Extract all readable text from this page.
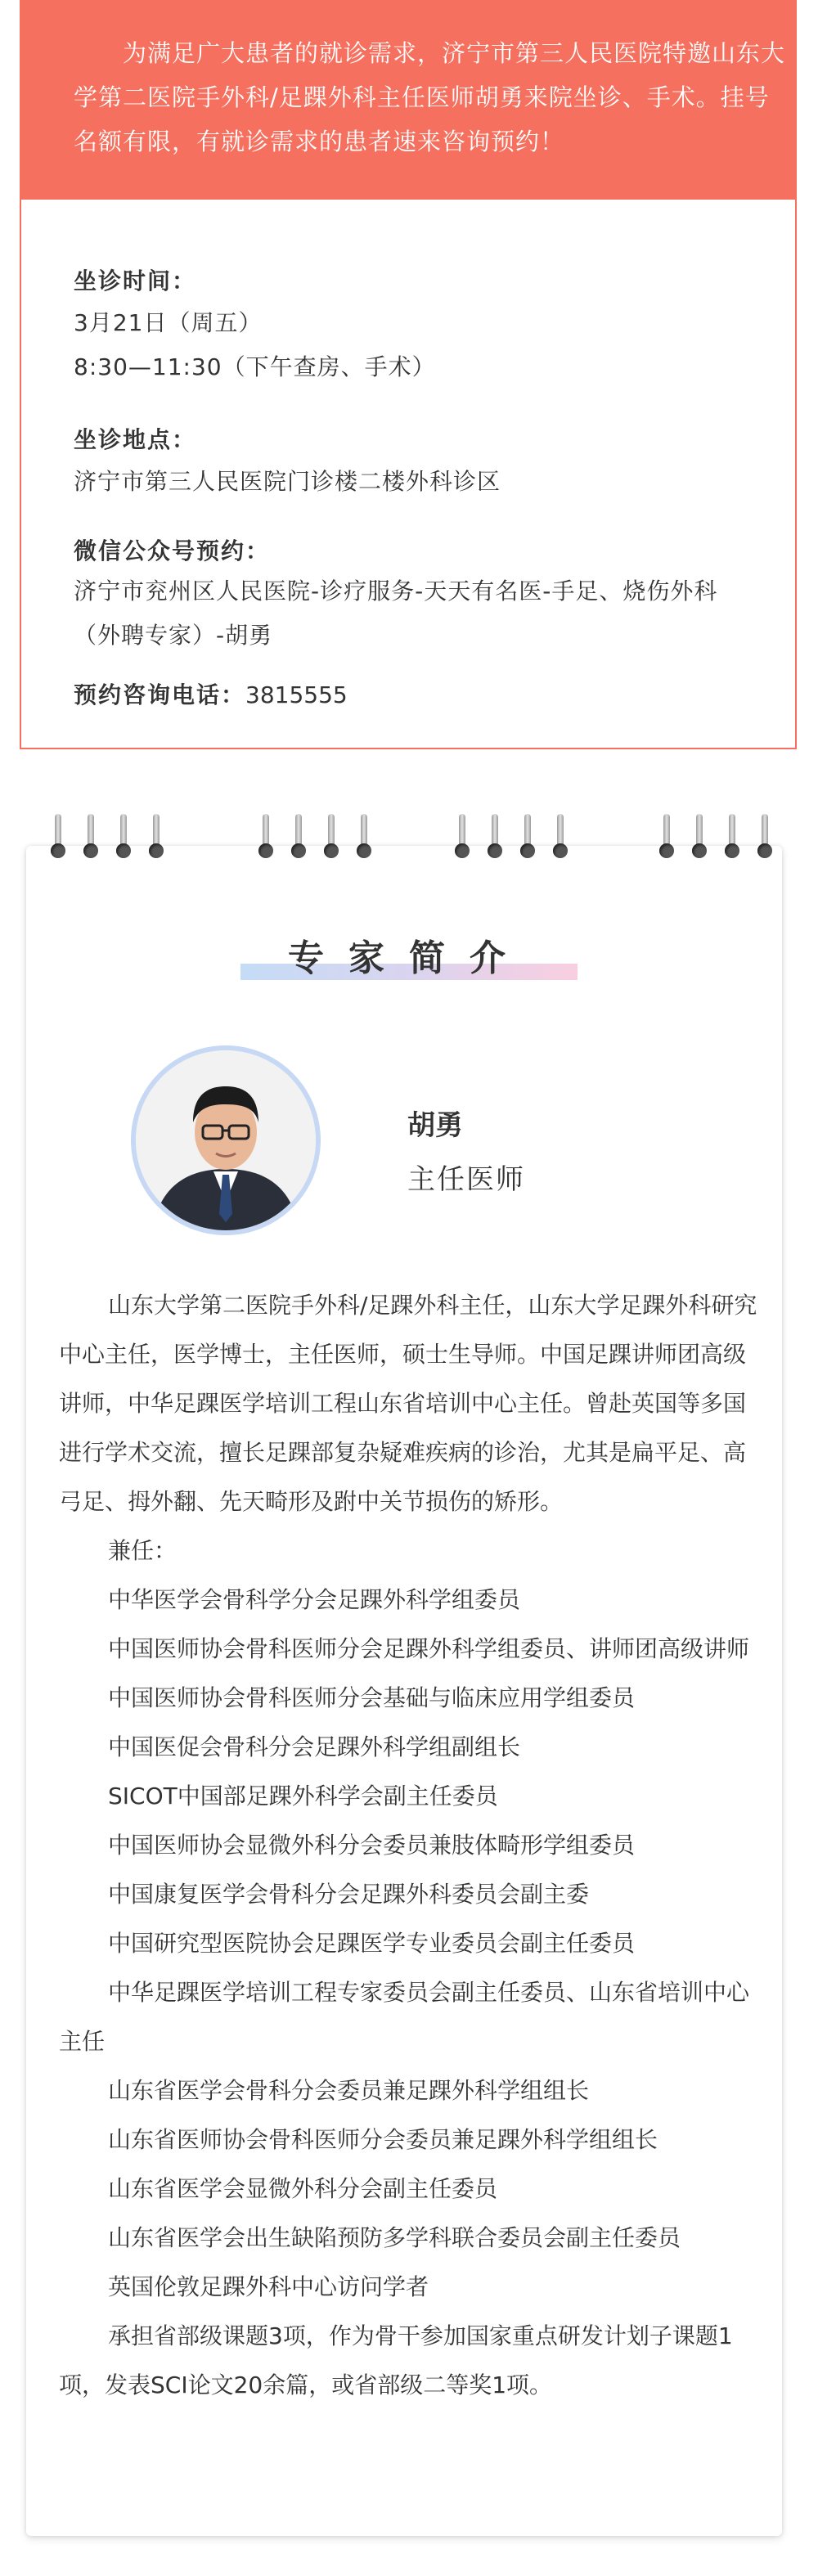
为满足广大患者的就诊需求，济宁市第三人民医院特邀山东大学第二医院手外科/足踝外科主任医师胡勇来院坐诊、手术。挂号名额有限，有就诊需求的患者速来咨询预约！

坐诊时间：
3月21日（周五）
8:30—11:30（下午查房、手术）
坐诊地点：
济宁市第三人民医院门诊楼二楼外科诊区
微信公众号预约：
济宁市兖州区人民医院-诊疗服务-天天有名医-手足、烧伤外科（外聘专家）-胡勇
预约咨询电话：3815555
专家简介
胡勇
主任医师

山东大学第二医院手外科/足踝外科主任，山东大学足踝外科研究中心主任，医学博士，主任医师，硕士生导师。中国足踝讲师团高级讲师，中华足踝医学培训工程山东省培训中心主任。曾赴英国等多国进行学术交流，擅长足踝部复杂疑难疾病的诊治，尤其是扁平足、高弓足、拇外翻、先天畸形及跗中关节损伤的矫形。

兼任：

中华医学会骨科学分会足踝外科学组委员

中国医师协会骨科医师分会足踝外科学组委员、讲师团高级讲师

中国医师协会骨科医师分会基础与临床应用学组委员

中国医促会骨科分会足踝外科学组副组长

SICOT中国部足踝外科学会副主任委员

中国医师协会显微外科分会委员兼肢体畸形学组委员

中国康复医学会骨科分会足踝外科委员会副主委

中国研究型医院协会足踝医学专业委员会副主任委员

中华足踝医学培训工程专家委员会副主任委员、山东省培训中心主任

山东省医学会骨科分会委员兼足踝外科学组组长

山东省医师协会骨科医师分会委员兼足踝外科学组组长

山东省医学会显微外科分会副主任委员

山东省医学会出生缺陷预防多学科联合委员会副主任委员

英国伦敦足踝外科中心访问学者

承担省部级课题3项，作为骨干参加国家重点研发计划子课题1项，发表SCI论文20余篇，或省部级二等奖1项。
